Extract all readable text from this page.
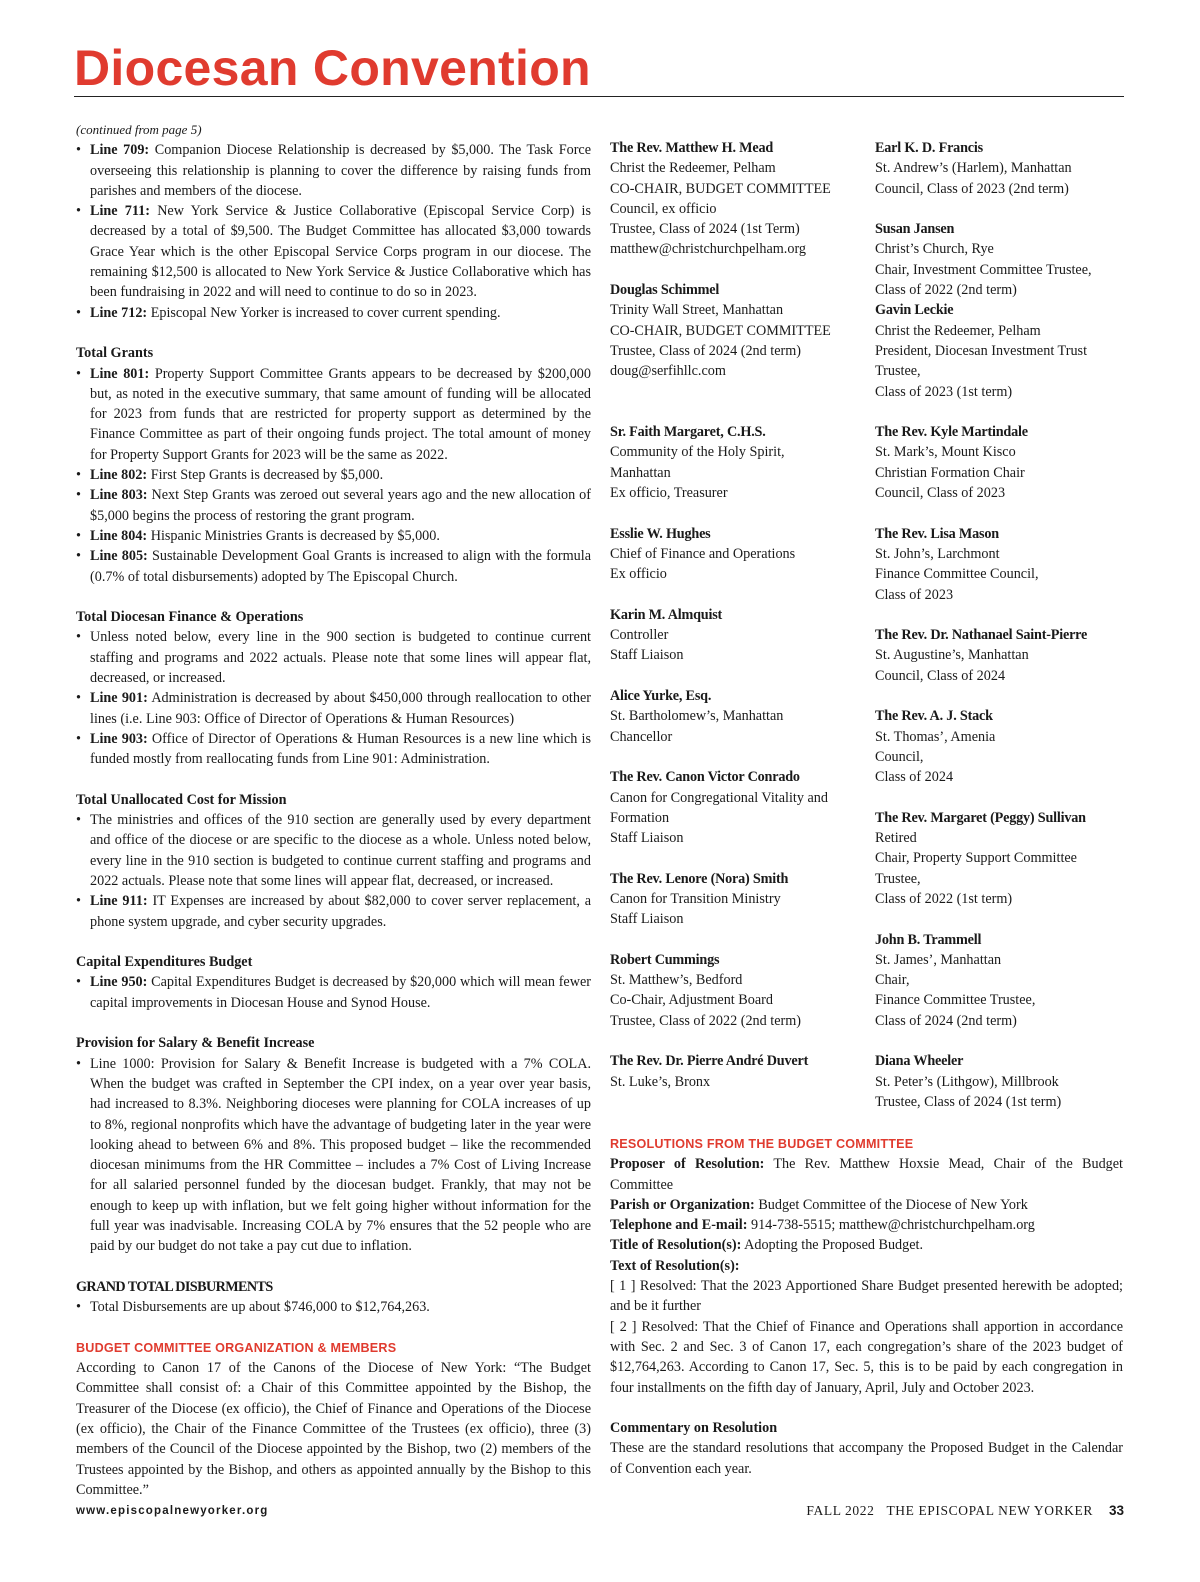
Diocesan Convention

(continued from page 5)

• Line 709: Companion Diocese Relationship is decreased by $5,000. The Task Force overseeing this relationship is planning to cover the difference by raising funds from parishes and members of the diocese.

• Line 711: New York Service & Justice Collaborative (Episcopal Service Corp) is decreased by a total of $9,500. The Budget Committee has allocated $3,000 towards Grace Year which is the other Episcopal Service Corps program in our diocese. The remaining $12,500 is allocated to New York Service & Justice Collaborative which has been fundraising in 2022 and will need to continue to do so in 2023.

• Line 712: Episcopal New Yorker is increased to cover current spending.

Total Grants

• Line 801: Property Support Committee Grants appears to be decreased by $200,000 but, as noted in the executive summary, that same amount of funding will be allocated for 2023 from funds that are restricted for property support as determined by the Finance Committee as part of their ongoing funds project. The total amount of money for Property Support Grants for 2023 will be the same as 2022.

• Line 802: First Step Grants is decreased by $5,000.

• Line 803: Next Step Grants was zeroed out several years ago and the new allocation of $5,000 begins the process of restoring the grant program.

• Line 804: Hispanic Ministries Grants is decreased by $5,000.

• Line 805: Sustainable Development Goal Grants is increased to align with the formula (0.7% of total disbursements) adopted by The Episcopal Church.

Total Diocesan Finance & Operations

• Unless noted below, every line in the 900 section is budgeted to continue current staffing and programs and 2022 actuals. Please note that some lines will appear flat, decreased, or increased.

• Line 901: Administration is decreased by about $450,000 through reallocation to other lines (i.e. Line 903: Office of Director of Operations & Human Resources)

• Line 903: Office of Director of Operations & Human Resources is a new line which is funded mostly from reallocating funds from Line 901: Administration.

Total Unallocated Cost for Mission

• The ministries and offices of the 910 section are generally used by every department and office of the diocese or are specific to the diocese as a whole. Unless noted below, every line in the 910 section is budgeted to continue current staffing and programs and 2022 actuals. Please note that some lines will appear flat, decreased, or increased.

• Line 911: IT Expenses are increased by about $82,000 to cover server replacement, a phone system upgrade, and cyber security upgrades.

Capital Expenditures Budget

• Line 950: Capital Expenditures Budget is decreased by $20,000 which will mean fewer capital improvements in Diocesan House and Synod House.

Provision for Salary & Benefit Increase

• Line 1000: Provision for Salary & Benefit Increase is budgeted with a 7% COLA. When the budget was crafted in September the CPI index, on a year over year basis, had increased to 8.3%. Neighboring dioceses were planning for COLA increases of up to 8%, regional nonprofits which have the advantage of budgeting later in the year were looking ahead to between 6% and 8%. This proposed budget – like the recommended diocesan minimums from the HR Committee – includes a 7% Cost of Living Increase for all salaried personnel funded by the diocesan budget. Frankly, that may not be enough to keep up with inflation, but we felt going higher without information for the full year was inadvisable. Increasing COLA by 7% ensures that the 52 people who are paid by our budget do not take a pay cut due to inflation.

GRAND TOTAL DISBURMENTS

• Total Disbursements are up about $746,000 to $12,764,263.

BUDGET COMMITTEE ORGANIZATION & MEMBERS

According to Canon 17 of the Canons of the Diocese of New York: “The Budget Committee shall consist of: a Chair of this Committee appointed by the Bishop, the Treasurer of the Diocese (ex officio), the Chief of Finance and Operations of the Diocese (ex officio), the Chair of the Finance Committee of the Trustees (ex officio), three (3) members of the Council of the Diocese appointed by the Bishop, two (2) members of the Trustees appointed by the Bishop, and others as appointed annually by the Bishop to this Committee.”

The Rev. Matthew H. Mead
Christ the Redeemer, Pelham
CO-CHAIR, BUDGET COMMITTEE
Council, ex officio
Trustee, Class of 2024 (1st Term)
matthew@christchurchpelham.org
Douglas Schimmel
Trinity Wall Street, Manhattan
CO-CHAIR, BUDGET COMMITTEE
Trustee, Class of 2024 (2nd term)
doug@serfihllc.com
Sr. Faith Margaret, C.H.S.
Community of the Holy Spirit,
Manhattan
Ex officio, Treasurer
Esslie W. Hughes
Chief of Finance and Operations
Ex officio
Karin M. Almquist
Controller
Staff Liaison
Alice Yurke, Esq.
St. Bartholomew’s, Manhattan
Chancellor
The Rev. Canon Victor Conrado
Canon for Congregational Vitality and
Formation
Staff Liaison
The Rev. Lenore (Nora) Smith
Canon for Transition Ministry
Staff Liaison
Robert Cummings
St. Matthew’s, Bedford
Co-Chair, Adjustment Board
Trustee, Class of 2022 (2nd term)
The Rev. Dr. Pierre André Duvert
St. Luke’s, Bronx
Earl K. D. Francis
St. Andrew’s (Harlem), Manhattan
Council, Class of 2023 (2nd term)
Susan Jansen
Christ’s Church, Rye
Chair, Investment Committee Trustee,
Class of 2022 (2nd term)
Gavin Leckie
Christ the Redeemer, Pelham
President, Diocesan Investment Trust
Trustee,
Class of 2023 (1st term)
The Rev. Kyle Martindale
St. Mark’s, Mount Kisco
Christian Formation Chair
Council, Class of 2023
The Rev. Lisa Mason
St. John’s, Larchmont
Finance Committee Council,
Class of 2023
The Rev. Dr. Nathanael Saint-Pierre
St. Augustine’s, Manhattan
Council, Class of 2024
The Rev. A. J. Stack
St. Thomas’, Amenia
Council,
Class of 2024
The Rev. Margaret (Peggy) Sullivan
Retired
Chair, Property Support Committee
Trustee,
Class of 2022 (1st term)
John B. Trammell
St. James’, Manhattan
Chair,
Finance Committee Trustee,
Class of 2024 (2nd term)
Diana Wheeler
St. Peter’s (Lithgow), Millbrook
Trustee, Class of 2024 (1st term)

RESOLUTIONS FROM THE BUDGET COMMITTEE

Proposer of Resolution: The Rev. Matthew Hoxsie Mead, Chair of the Budget Committee

Parish or Organization: Budget Committee of the Diocese of New York

Telephone and E-mail: 914-738-5515; matthew@christchurchpelham.org

Title of Resolution(s): Adopting the Proposed Budget.

Text of Resolution(s):

[ 1 ] Resolved: That the 2023 Apportioned Share Budget presented herewith be adopted; and be it further

[ 2 ] Resolved: That the Chief of Finance and Operations shall apportion in accordance with Sec. 2 and Sec. 3 of Canon 17, each congregation’s share of the 2023 budget of $12,764,263. According to Canon 17, Sec. 5, this is to be paid by each congregation in four installments on the fifth day of January, April, July and October 2023.

Commentary on Resolution

These are the standard resolutions that accompany the Proposed Budget in the Calendar of Convention each year.

www.episcopalnewyorker.org	FALL 2022 THE EPISCOPAL NEW YORKER 33
